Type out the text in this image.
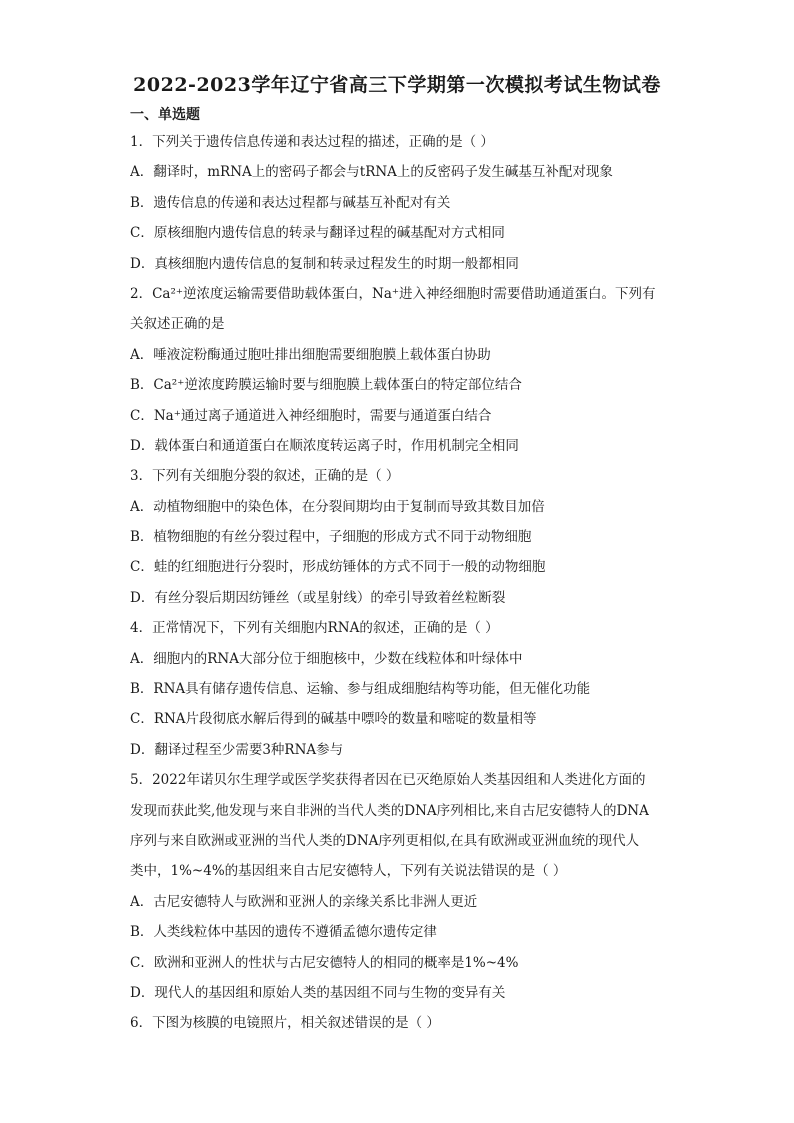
2022-2023学年辽宁省高三下学期第一次模拟考试生物试卷
一、单选题
1．下列关于遗传信息传递和表达过程的描述，正确的是（ ）
A．翻译时，mRNA上的密码子都会与tRNA上的反密码子发生碱基互补配对现象
B．遗传信息的传递和表达过程都与碱基互补配对有关
C．原核细胞内遗传信息的转录与翻译过程的碱基配对方式相同
D．真核细胞内遗传信息的复制和转录过程发生的时期一般都相同
2．Ca²⁺逆浓度运输需要借助载体蛋白，Na⁺进入神经细胞时需要借助通道蛋白。下列有
关叙述正确的是
A．唾液淀粉酶通过胞吐排出细胞需要细胞膜上载体蛋白协助
B．Ca²⁺逆浓度跨膜运输时要与细胞膜上载体蛋白的特定部位结合
C．Na⁺通过离子通道进入神经细胞时，需要与通道蛋白结合
D．载体蛋白和通道蛋白在顺浓度转运离子时，作用机制完全相同
3．下列有关细胞分裂的叙述，正确的是（ ）
A．动植物细胞中的染色体，在分裂间期均由于复制而导致其数目加倍
B．植物细胞的有丝分裂过程中，子细胞的形成方式不同于动物细胞
C．蛙的红细胞进行分裂时，形成纺锤体的方式不同于一般的动物细胞
D．有丝分裂后期因纺锤丝（或星射线）的牵引导致着丝粒断裂
4．正常情况下，下列有关细胞内RNA的叙述，正确的是（ ）
A．细胞内的RNA大部分位于细胞核中，少数在线粒体和叶绿体中
B．RNA具有储存遗传信息、运输、参与组成细胞结构等功能，但无催化功能
C．RNA片段彻底水解后得到的碱基中嘌呤的数量和嘧啶的数量相等
D．翻译过程至少需要3种RNA参与
5．2022年诺贝尔生理学或医学奖获得者因在已灭绝原始人类基因组和人类进化方面的
发现而获此奖,他发现与来自非洲的当代人类的DNA序列相比,来自古尼安德特人的DNA
序列与来自欧洲或亚洲的当代人类的DNA序列更相似,在具有欧洲或亚洲血统的现代人
类中，1%~4%的基因组来自古尼安德特人，下列有关说法错误的是（ ）
A．古尼安德特人与欧洲和亚洲人的亲缘关系比非洲人更近
B．人类线粒体中基因的遗传不遵循孟德尔遗传定律
C．欧洲和亚洲人的性状与古尼安德特人的相同的概率是1%~4%
D．现代人的基因组和原始人类的基因组不同与生物的变异有关
6．下图为核膜的电镜照片，相关叙述错误的是（ ）
